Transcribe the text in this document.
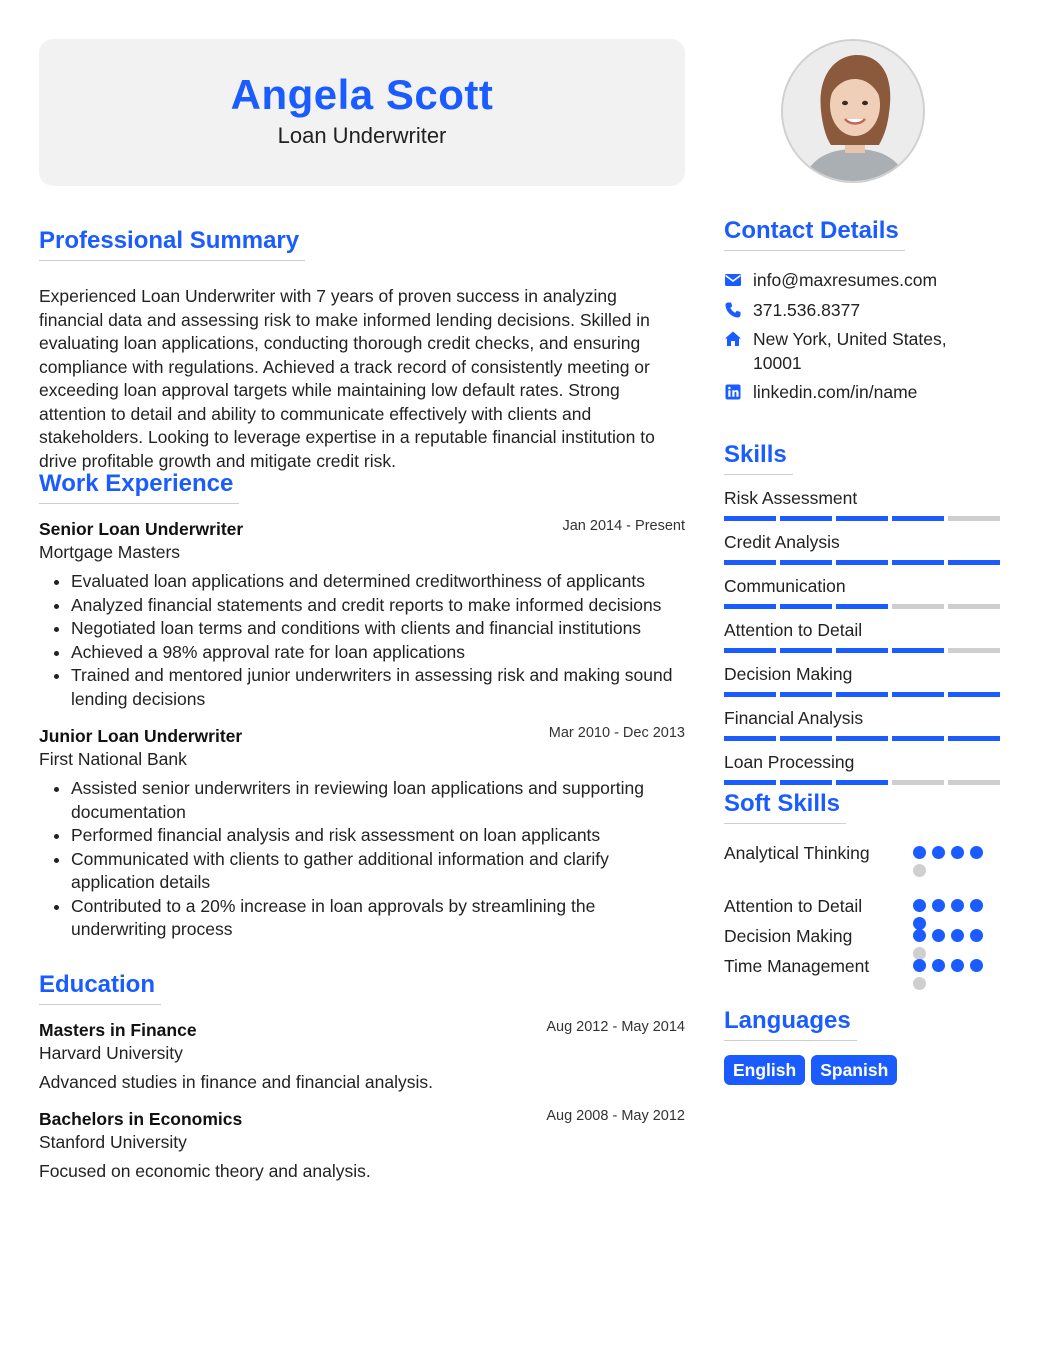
Angela Scott
Loan Underwriter
Professional Summary

Experienced Loan Underwriter with 7 years of proven success in analyzing financial data and assessing risk to make informed lending decisions. Skilled in evaluating loan applications, conducting thorough credit checks, and ensuring compliance with regulations. Achieved a track record of consistently meeting or exceeding loan approval targets while maintaining low default rates. Strong attention to detail and ability to communicate effectively with clients and stakeholders. Looking to leverage expertise in a reputable financial institution to drive profitable growth and mitigate credit risk.

Work Experience
Senior Loan Underwriter	Jan 2014 - Present
Mortgage Masters
• Evaluated loan applications and determined creditworthiness of applicants
• Analyzed financial statements and credit reports to make informed decisions
• Negotiated loan terms and conditions with clients and financial institutions
• Achieved a 98% approval rate for loan applications
• Trained and mentored junior underwriters in assessing risk and making sound lending decisions
Junior Loan Underwriter	Mar 2010 - Dec 2013
First National Bank
• Assisted senior underwriters in reviewing loan applications and supporting documentation
• Performed financial analysis and risk assessment on loan applicants
• Communicated with clients to gather additional information and clarify application details
• Contributed to a 20% increase in loan approvals by streamlining the underwriting process
Education
Masters in Finance	Aug 2012 - May 2014
Harvard University
Advanced studies in finance and financial analysis.
Bachelors in Economics	Aug 2008 - May 2012
Stanford University
Focused on economic theory and analysis.
Contact Details
info@maxresumes.com
371.536.8377
New York, United States, 10001
linkedin.com/in/name
Skills
Risk Assessment
Credit Analysis
Communication
Attention to Detail
Decision Making
Financial Analysis
Loan Processing
Soft Skills
Analytical Thinking
Attention to Detail
Decision Making
Time Management
Languages
English	Spanish
